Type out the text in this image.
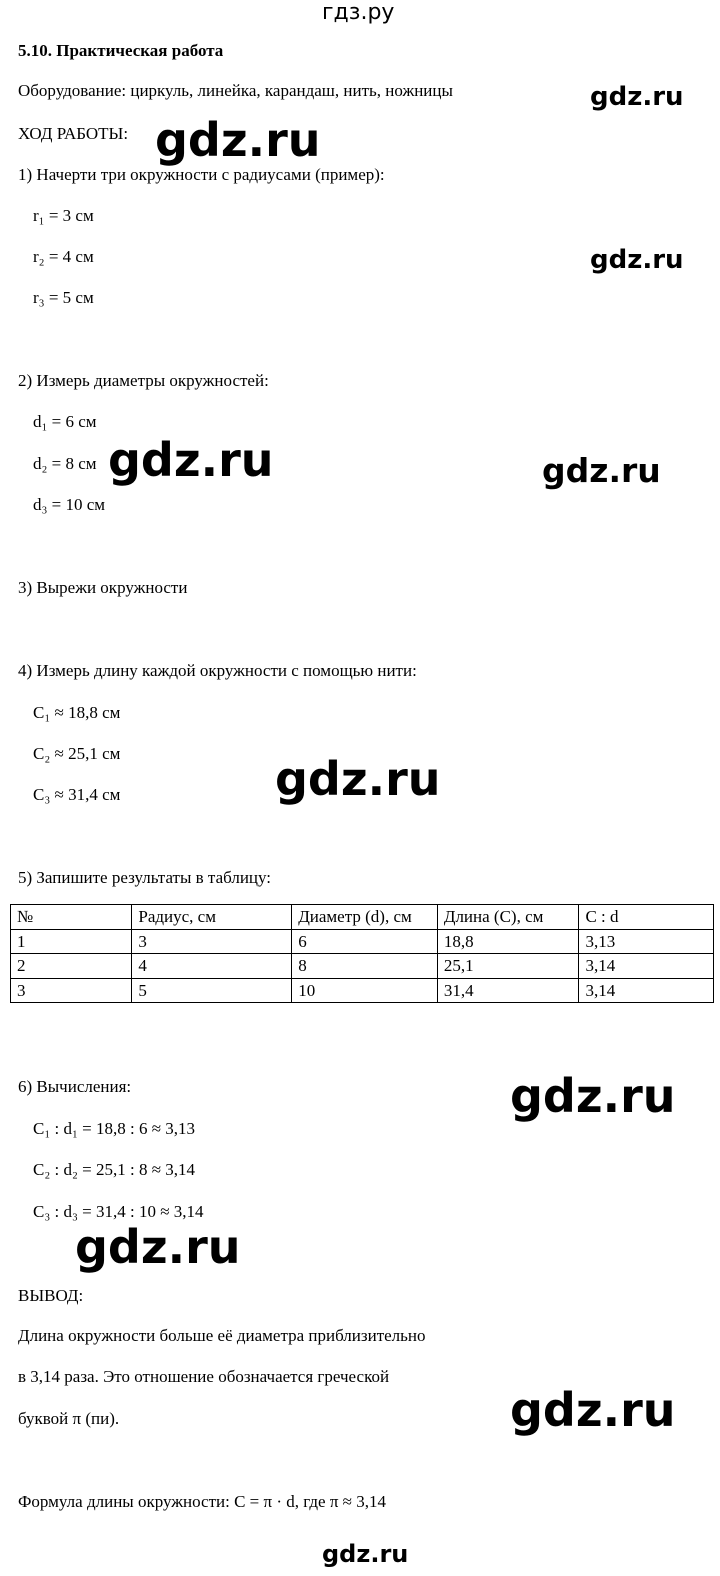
гдз.ру
gdz.ru
gdz.ru
gdz.ru
gdz.ru	gdz.ru
gdz.ru
gdz.ru
gdz.ru
gdz.ru
gdz.ru
5.10. Практическая работа
Оборудование: циркуль, линейка, карандаш, нить, ножницы
ХОД РАБОТЫ:
1) Начерти три окружности с радиусами (пример):
r₁ = 3 см
r₂ = 4 см
r₃ = 5 см
2) Измерь диаметры окружностей:
d₁ = 6 см
d₂ = 8 см
d₃ = 10 см
3) Вырежи окружности
4) Измерь длину каждой окружности с помощью нити:
C₁ ≈ 18,8 см
C₂ ≈ 25,1 см
C₃ ≈ 31,4 см
5) Запишите результаты в таблицу:
№	Радиус, см	Диаметр (d), см	Длина (C), см	C : d
1	3	6	18,8	3,13
2	4	8	25,1	3,14
3	5	10	31,4	3,14
6) Вычисления:
C₁ : d₁ = 18,8 : 6 ≈ 3,13
C₂ : d₂ = 25,1 : 8 ≈ 3,14
C₃ : d₃ = 31,4 : 10 ≈ 3,14
ВЫВОД:
Длина окружности больше её диаметра приблизительно
в 3,14 раза. Это отношение обозначается греческой
буквой π (пи).
Формула длины окружности: C = π · d, где π ≈ 3,14
